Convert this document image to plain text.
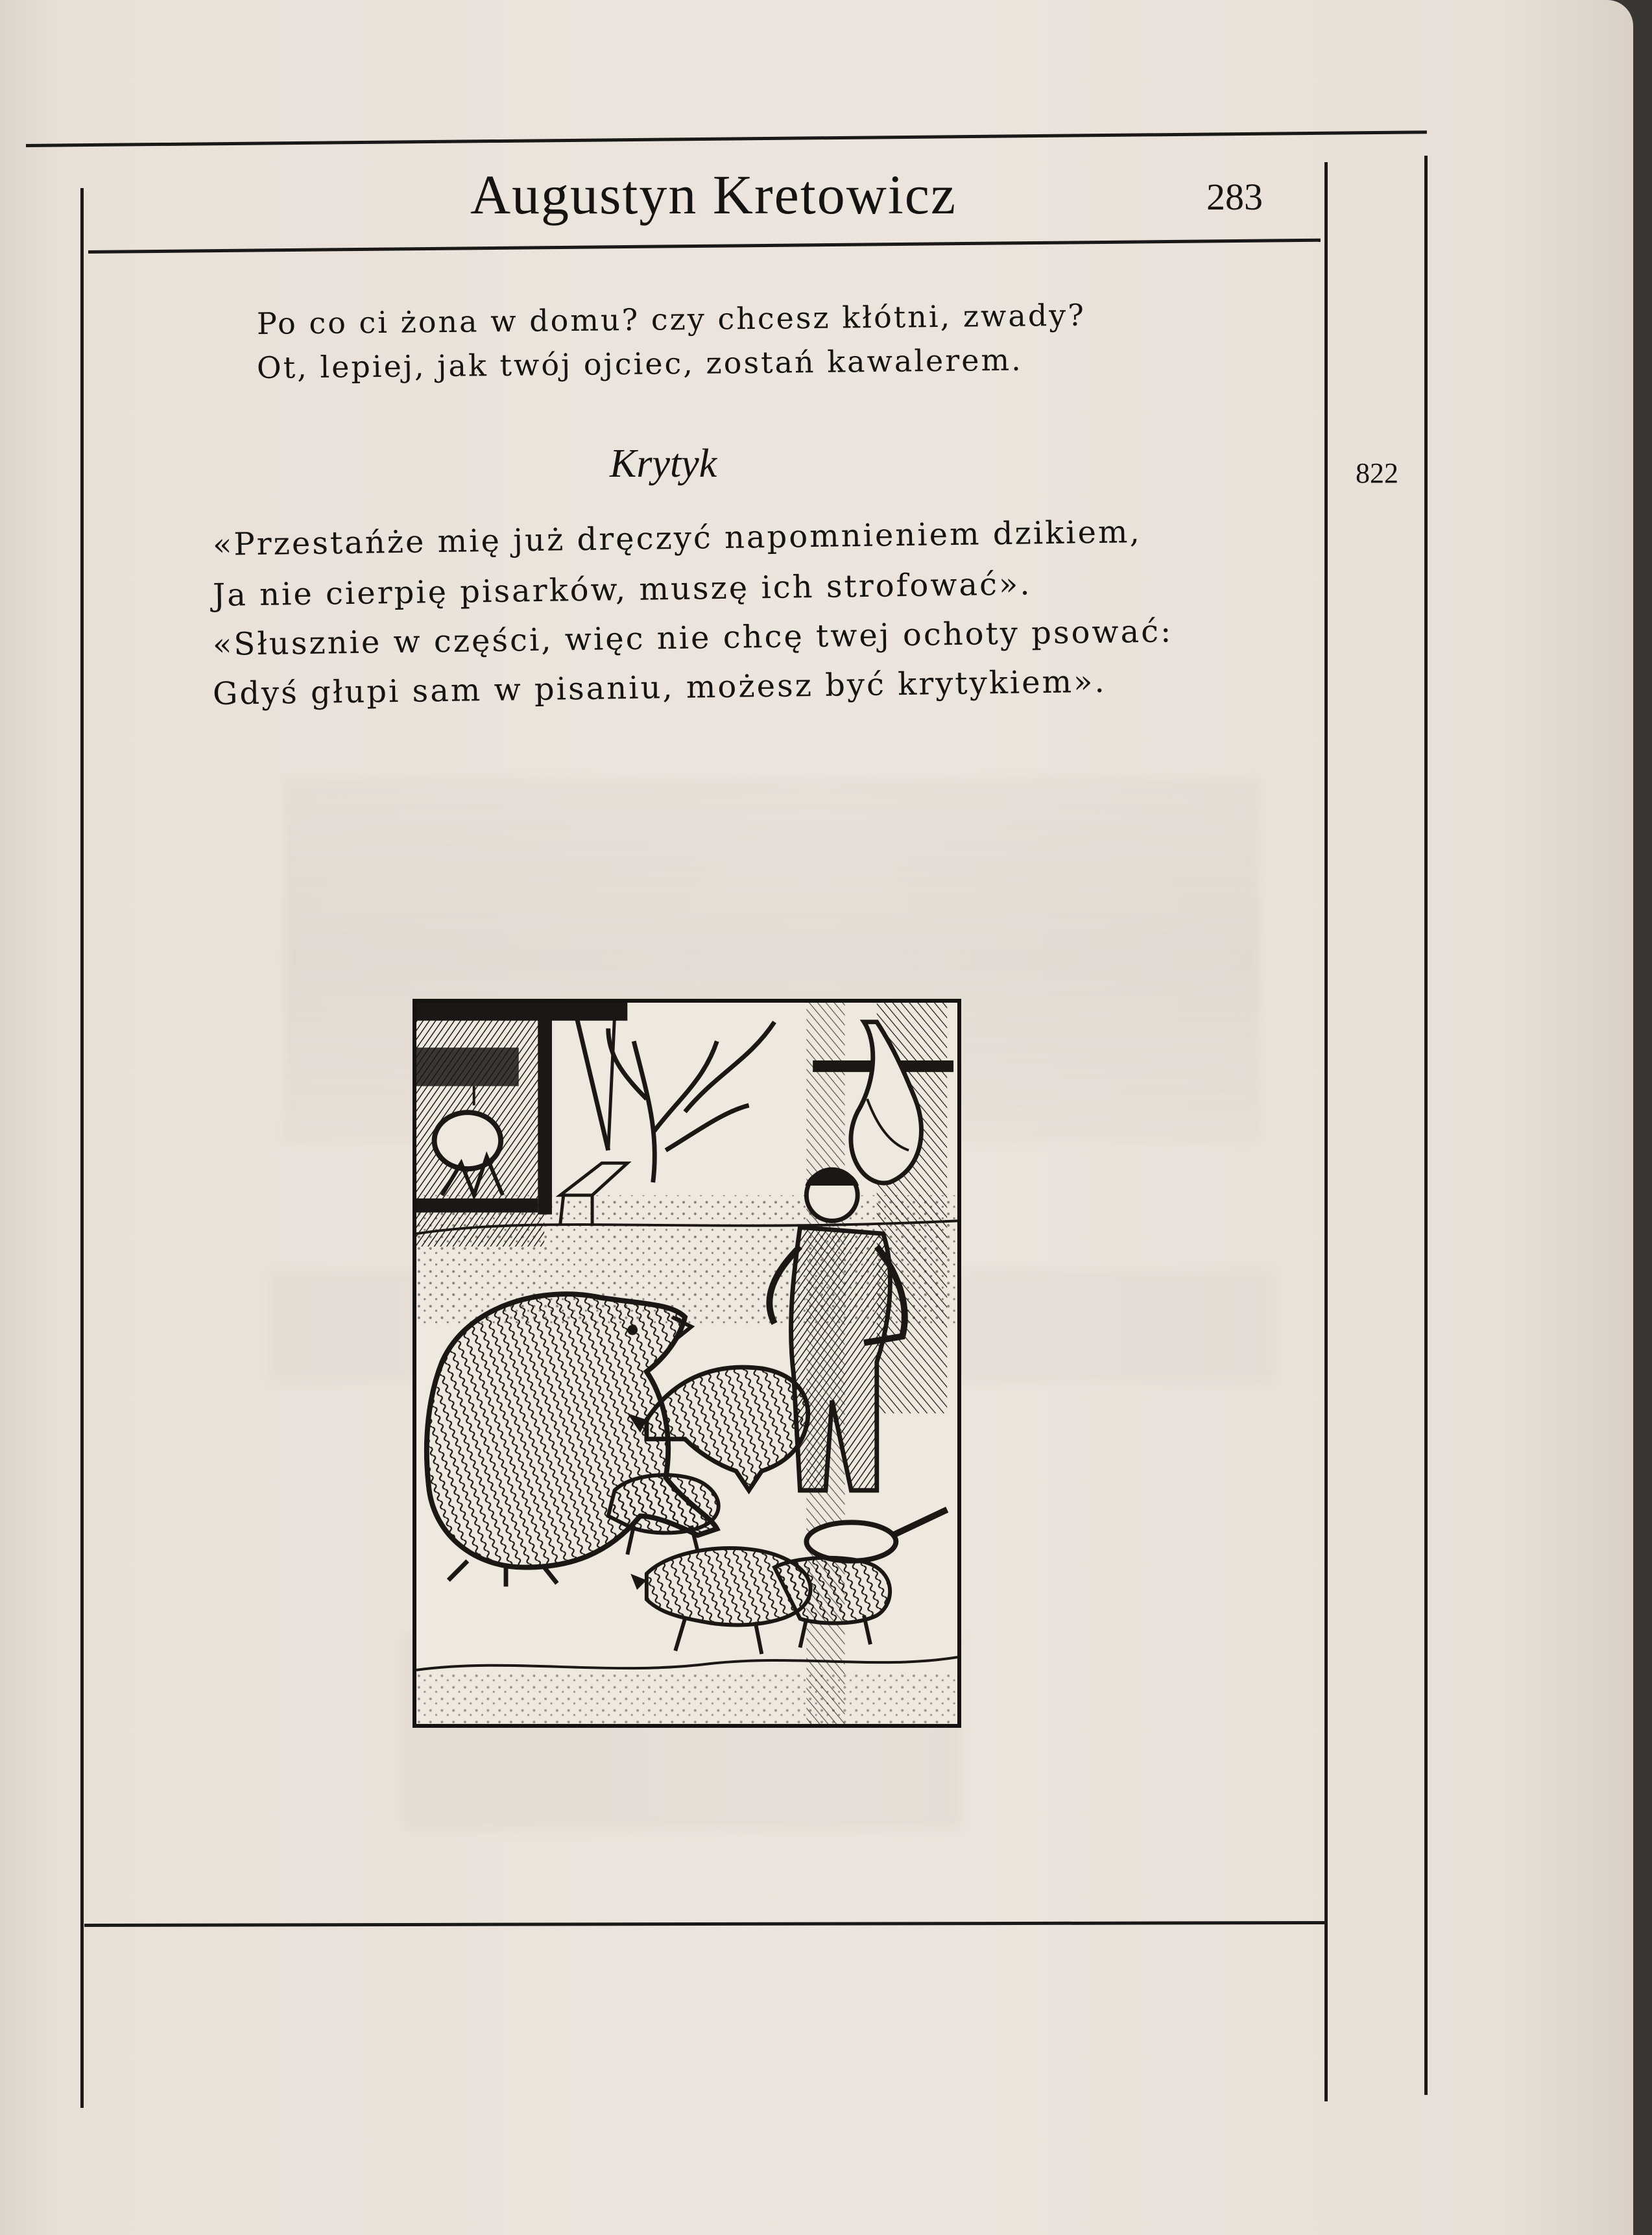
Augustyn Kretowicz	283
Po co ci żona w domu? czy chcesz kłótni, zwady?
Ot, lepiej, jak twój ojciec, zostań kawalerem.
Krytyk	822
«Przestańże mię już dręczyć napomnieniem dzikiem,
Ja nie cierpię pisarków, muszę ich strofować».
«Słusznie w części, więc nie chcę twej ochoty psować:
Gdyś głupi sam w pisaniu, możesz być krytykiem».
